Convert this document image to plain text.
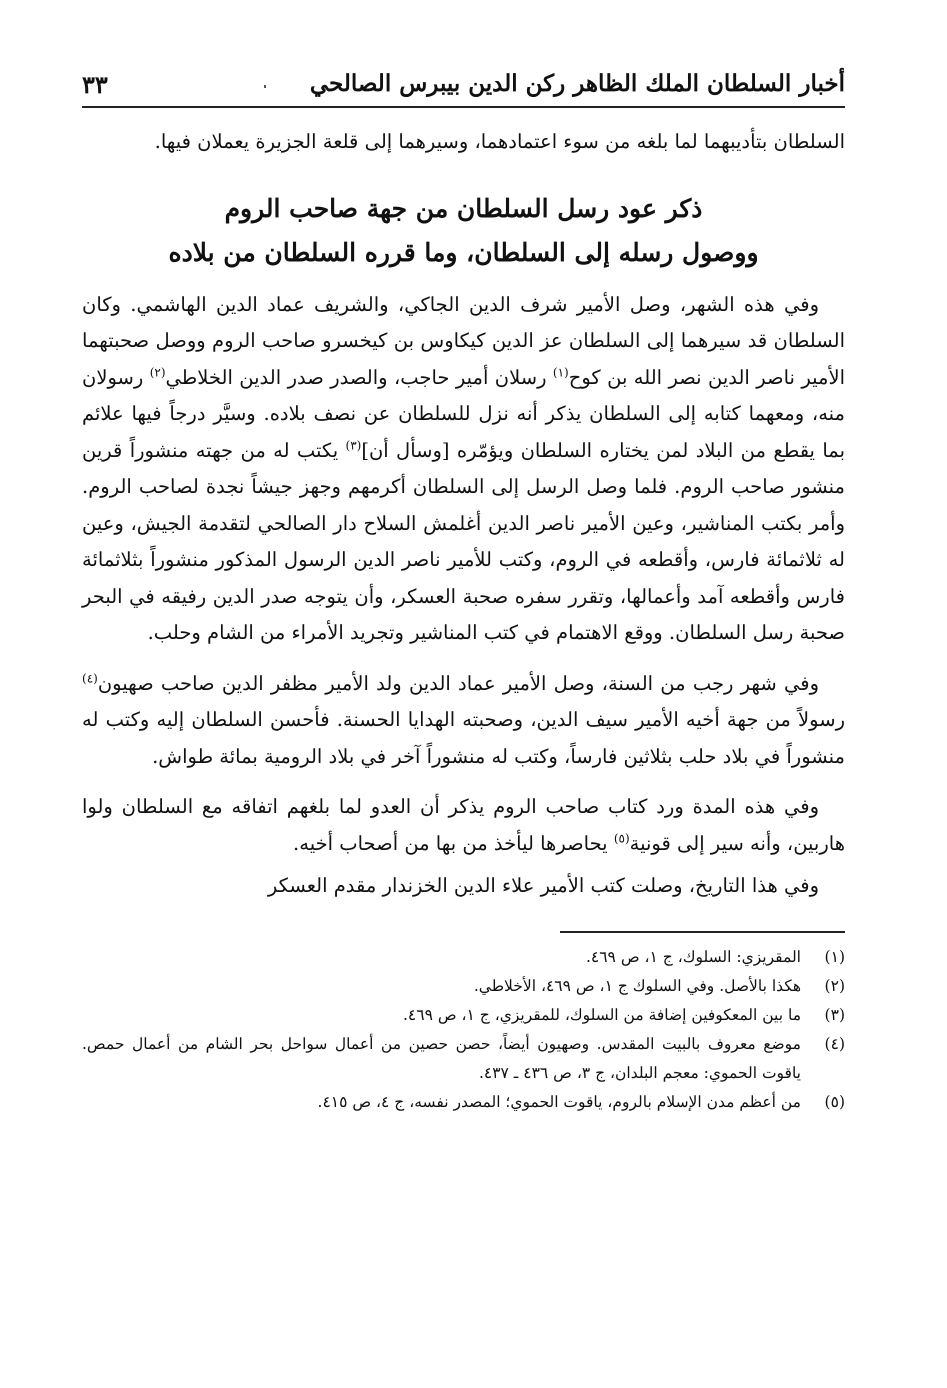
أخبار السلطان الملك الظاهر ركن الدين بيبرس الصالحي
٣٣

السلطان بتأديبهما لما بلغه من سوء اعتمادهما، وسيرهما إلى قلعة الجزيرة يعملان فيها.

ذكر عود رسل السلطان من جهة صاحب الروم
ووصول رسله إلى السلطان، وما قرره السلطان من بلاده

وفي هذه الشهر، وصل الأمير شرف الدين الجاكي، والشريف عماد الدين الهاشمي. وكان السلطان قد سيرهما إلى السلطان عز الدين كيكاوس بن كيخسرو صاحب الروم ووصل صحبتهما الأمير ناصر الدين نصر الله بن كوح$^{(١)}$ رسلان أمير حاجب، والصدر صدر الدين الخلاطي$^{(٢)}$ رسولان منه، ومعهما كتابه إلى السلطان يذكر أنه نزل للسلطان عن نصف بلاده. وسيَّر درجاً فيها علائم بما يقطع من البلاد لمن يختاره السلطان ويؤمّره [وسأل أن]$^{(٣)}$ يكتب له من جهته منشوراً قرين منشور صاحب الروم. فلما وصل الرسل إلى السلطان أكرمهم وجهز جيشاً نجدة لصاحب الروم. وأمر بكتب المناشير، وعين الأمير ناصر الدين أغلمش السلاح دار الصالحي لتقدمة الجيش، وعين له ثلاثمائة فارس، وأقطعه في الروم، وكتب للأمير ناصر الدين الرسول المذكور منشوراً بثلاثمائة فارس وأقطعه آمد وأعمالها، وتقرر سفره صحبة العسكر، وأن يتوجه صدر الدين رفيقه في البحر صحبة رسل السلطان. ووقع الاهتمام في كتب المناشير وتجريد الأمراء من الشام وحلب.

وفي شهر رجب من السنة، وصل الأمير عماد الدين ولد الأمير مظفر الدين صاحب صهيون$^{(٤)}$ رسولاً من جهة أخيه الأمير سيف الدين، وصحبته الهدايا الحسنة. فأحسن السلطان إليه وكتب له منشوراً في بلاد حلب بثلاثين فارساً، وكتب له منشوراً آخر في بلاد الرومية بمائة طواش.

وفي هذه المدة ورد كتاب صاحب الروم يذكر أن العدو لما بلغهم اتفاقه مع السلطان ولوا هاربين، وأنه سير إلى قونية$^{(٥)}$ يحاصرها ليأخذ من بها من أصحاب أخيه.

وفي هذا التاريخ، وصلت كتب الأمير علاء الدين الخزندار مقدم العسكر

(١)
المقريزي: السلوك، ج ١، ص ٤٦٩.
(٢)
هكذا بالأصل. وفي السلوك ج ١، ص ٤٦٩، الأخلاطي.
(٣)
ما بين المعكوفين إضافة من السلوك، للمقريزي، ج ١، ص ٤٦٩.
(٤)
موضع معروف بالبيت المقدس. وصهيون أيضاً، حصن حصين من أعمال سواحل بحر الشام من أعمال حمص. ياقوت الحموي: معجم البلدان، ج ٣، ص ٤٣٦ ـ ٤٣٧.
(٥)
من أعظم مدن الإسلام بالروم، ياقوت الحموي؛ المصدر نفسه، ج ٤، ص ٤١٥.
